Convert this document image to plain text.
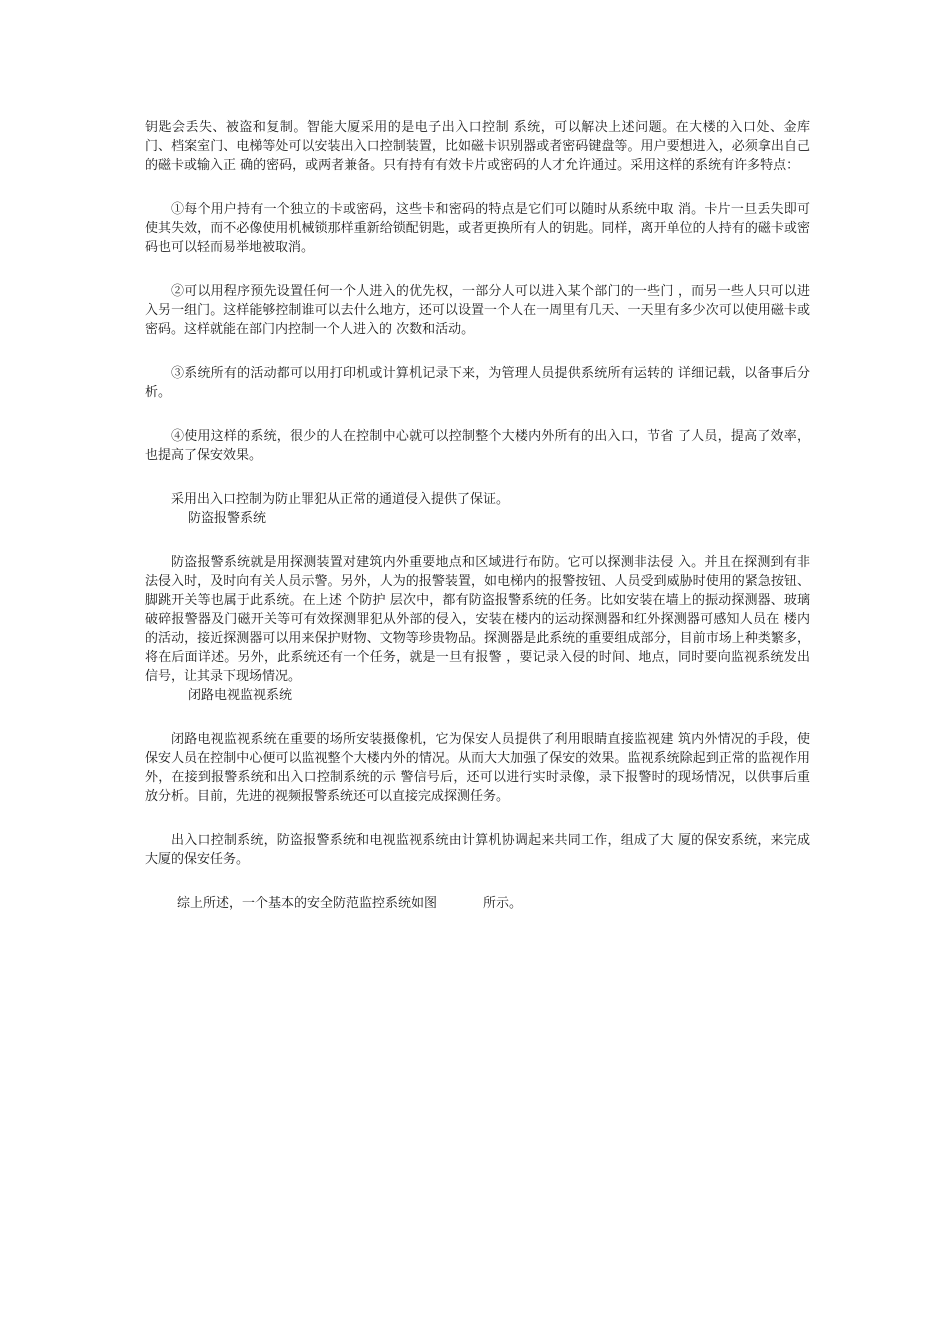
钥匙会丢失、被盗和复制。智能大厦采用的是电子出入口控制 系统，可以解决上述问题。在大楼的入口处、金库门、档案室门、电梯等处可以安装出入口控制装置，比如磁卡识别器或者密码键盘等。用户要想进入，必须拿出自己的磁卡或输入正 确的密码，或两者兼备。只有持有有效卡片或密码的人才允许通过。采用这样的系统有许多特点：

①每个用户持有一个独立的卡或密码，这些卡和密码的特点是它们可以随时从系统中取 消。卡片一旦丢失即可使其失效，而不必像使用机械锁那样重新给锁配钥匙，或者更换所有人的钥匙。同样，离开单位的人持有的磁卡或密码也可以轻而易举地被取消。

②可以用程序预先设置任何一个人进入的优先权，一部分人可以进入某个部门的一些门 ，而另一些人只可以进入另一组门。这样能够控制谁可以去什么地方，还可以设置一个人在一周里有几天、一天里有多少次可以使用磁卡或密码。这样就能在部门内控制一个人进入的 次数和活动。

③系统所有的活动都可以用打印机或计算机记录下来，为管理人员提供系统所有运转的 详细记载，以备事后分析。

④使用这样的系统，很少的人在控制中心就可以控制整个大楼内外所有的出入口，节省 了人员，提高了效率，也提高了保安效果。

采用出入口控制为防止罪犯从正常的通道侵入提供了保证。

防盗报警系统

防盗报警系统就是用探测装置对建筑内外重要地点和区域进行布防。它可以探测非法侵 入。并且在探测到有非法侵入时，及时向有关人员示警。另外，人为的报警装置，如电梯内的报警按钮、人员受到威胁时使用的紧急按钮、脚跳开关等也属于此系统。在上述 个防护 层次中，都有防盗报警系统的任务。比如安装在墙上的振动探测器、玻璃破碎报警器及门磁开关等可有效探测罪犯从外部的侵入，安装在楼内的运动探测器和红外探测器可感知人员在 楼内的活动，接近探测器可以用来保护财物、文物等珍贵物品。探测器是此系统的重要组成部分，目前市场上种类繁多，将在后面详述。另外，此系统还有一个任务，就是一旦有报警 ，要记录入侵的时间、地点，同时要向监视系统发出信号，让其录下现场情况。

闭路电视监视系统

闭路电视监视系统在重要的场所安装摄像机，它为保安人员提供了利用眼睛直接监视建 筑内外情况的手段，使保安人员在控制中心便可以监视整个大楼内外的情况。从而大大加强了保安的效果。监视系统除起到正常的监视作用外，在接到报警系统和出入口控制系统的示 警信号后，还可以进行实时录像，录下报警时的现场情况，以供事后重放分析。目前，先进的视频报警系统还可以直接完成探测任务。

出入口控制系统，防盗报警系统和电视监视系统由计算机协调起来共同工作，组成了大 厦的保安系统，来完成大厦的保安任务。

综上所述，一个基本的安全防范监控系统如图	所示。
